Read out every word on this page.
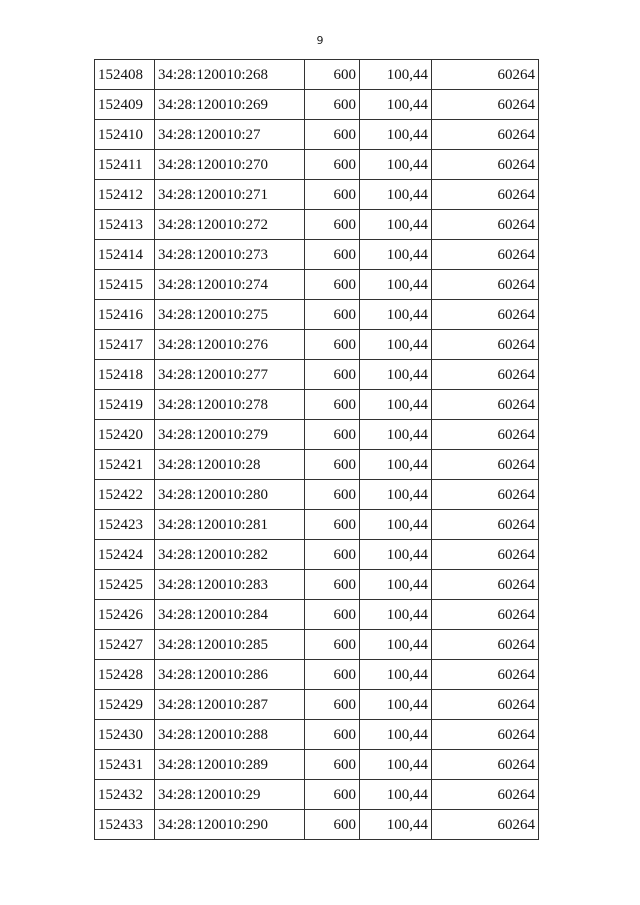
9
152408	34:28:120010:268	600	100,44	60264
152409	34:28:120010:269	600	100,44	60264
152410	34:28:120010:27	600	100,44	60264
152411	34:28:120010:270	600	100,44	60264
152412	34:28:120010:271	600	100,44	60264
152413	34:28:120010:272	600	100,44	60264
152414	34:28:120010:273	600	100,44	60264
152415	34:28:120010:274	600	100,44	60264
152416	34:28:120010:275	600	100,44	60264
152417	34:28:120010:276	600	100,44	60264
152418	34:28:120010:277	600	100,44	60264
152419	34:28:120010:278	600	100,44	60264
152420	34:28:120010:279	600	100,44	60264
152421	34:28:120010:28	600	100,44	60264
152422	34:28:120010:280	600	100,44	60264
152423	34:28:120010:281	600	100,44	60264
152424	34:28:120010:282	600	100,44	60264
152425	34:28:120010:283	600	100,44	60264
152426	34:28:120010:284	600	100,44	60264
152427	34:28:120010:285	600	100,44	60264
152428	34:28:120010:286	600	100,44	60264
152429	34:28:120010:287	600	100,44	60264
152430	34:28:120010:288	600	100,44	60264
152431	34:28:120010:289	600	100,44	60264
152432	34:28:120010:29	600	100,44	60264
152433	34:28:120010:290	600	100,44	60264
